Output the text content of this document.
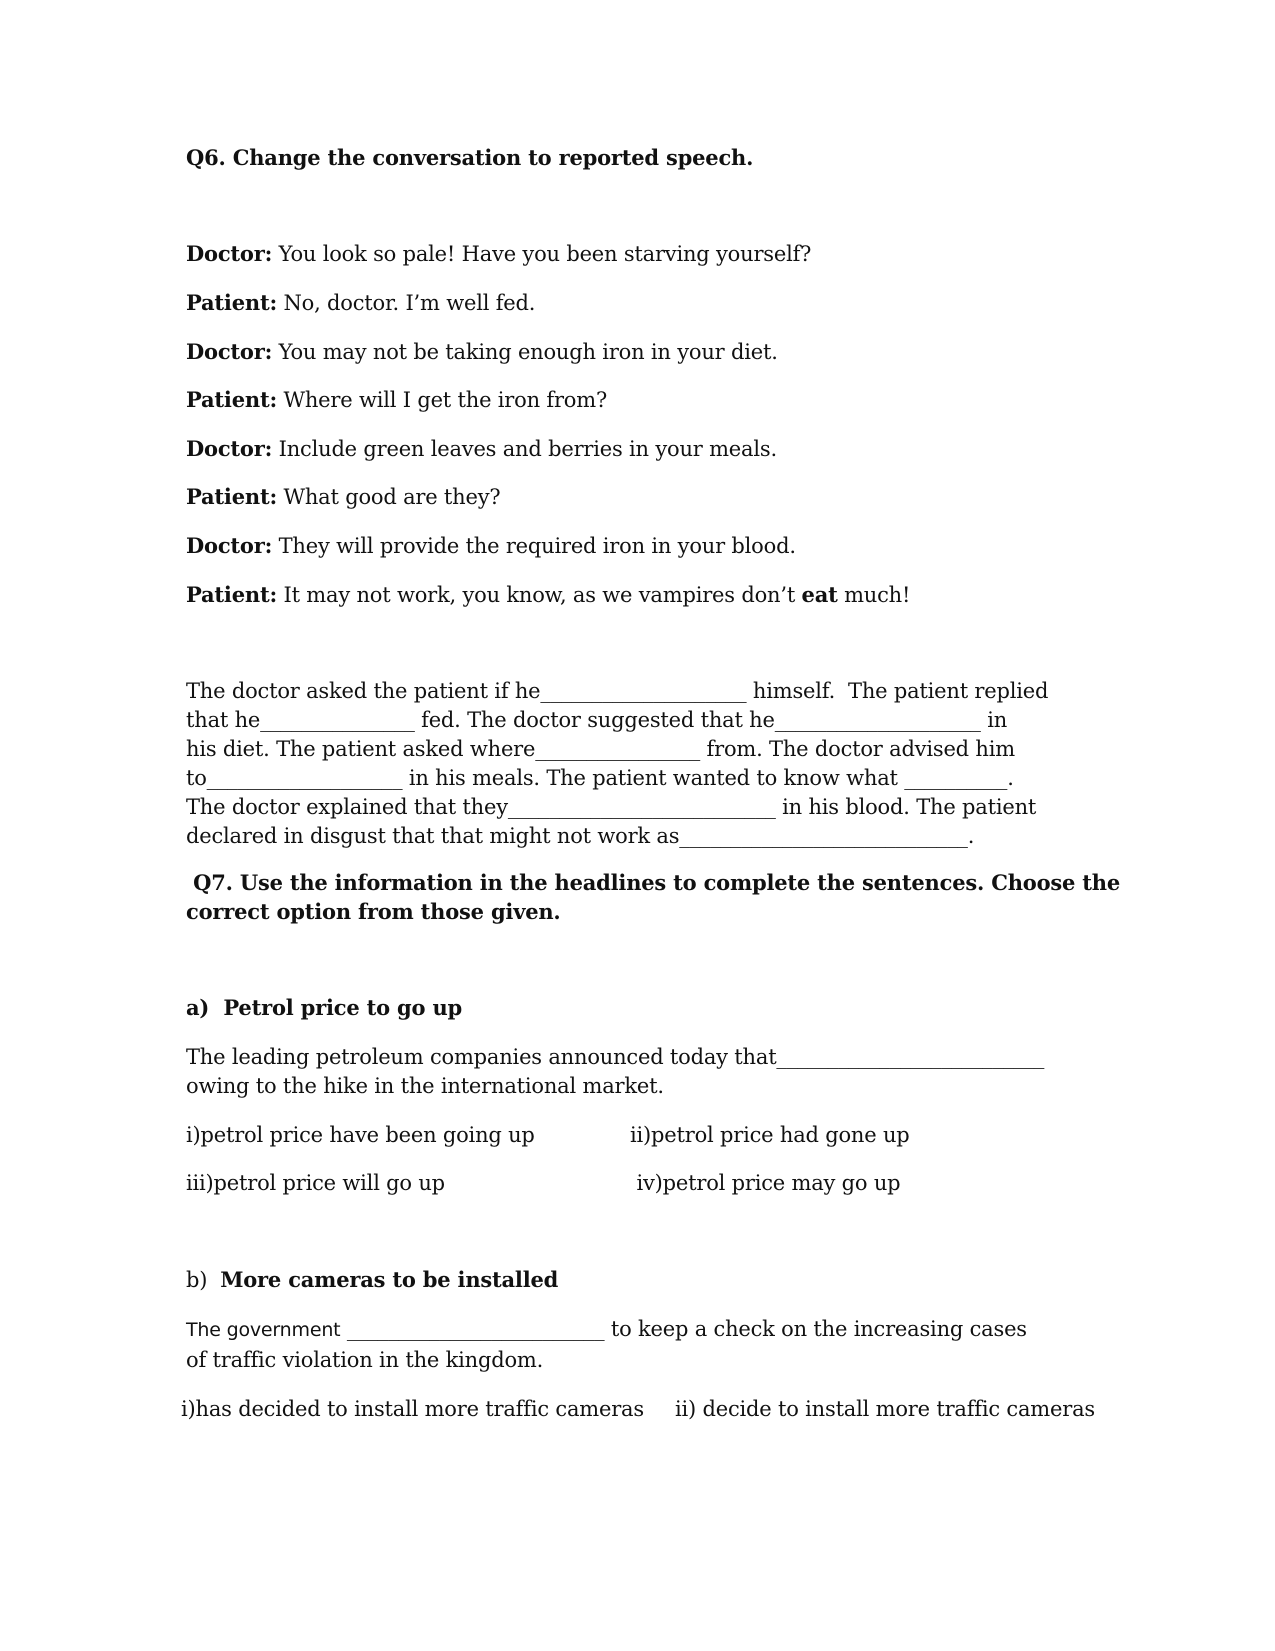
Q6. Change the conversation to reported speech.
Doctor: You look so pale! Have you been starving yourself?
Patient: No, doctor. I’m well fed.
Doctor: You may not be taking enough iron in your diet.
Patient: Where will I get the iron from?
Doctor: Include green leaves and berries in your meals.
Patient: What good are they?
Doctor: They will provide the required iron in your blood.
Patient: It may not work, you know, as we vampires don’t eat much!
The doctor asked the patient if he____________________ himself.  The patient replied
that he_______________ fed. The doctor suggested that he____________________ in
his diet. The patient asked where________________ from. The doctor advised him
to___________________ in his meals. The patient wanted to know what __________.
The doctor explained that they__________________________ in his blood. The patient
declared in disgust that that might not work as____________________________.
Q7. Use the information in the headlines to complete the sentences. Choose the
correct option from those given.
a) Petrol price to go up
The leading petroleum companies announced today that__________________________
owing to the hike in the international market.
i)petrol price have been going up	ii)petrol price had gone up
iii)petrol price will go up	iv)petrol price may go up
b) More cameras to be installed
The government _________________________ to keep a check on the increasing cases
of traffic violation in the kingdom.
i)has decided to install more traffic cameras ii) decide to install more traffic cameras
